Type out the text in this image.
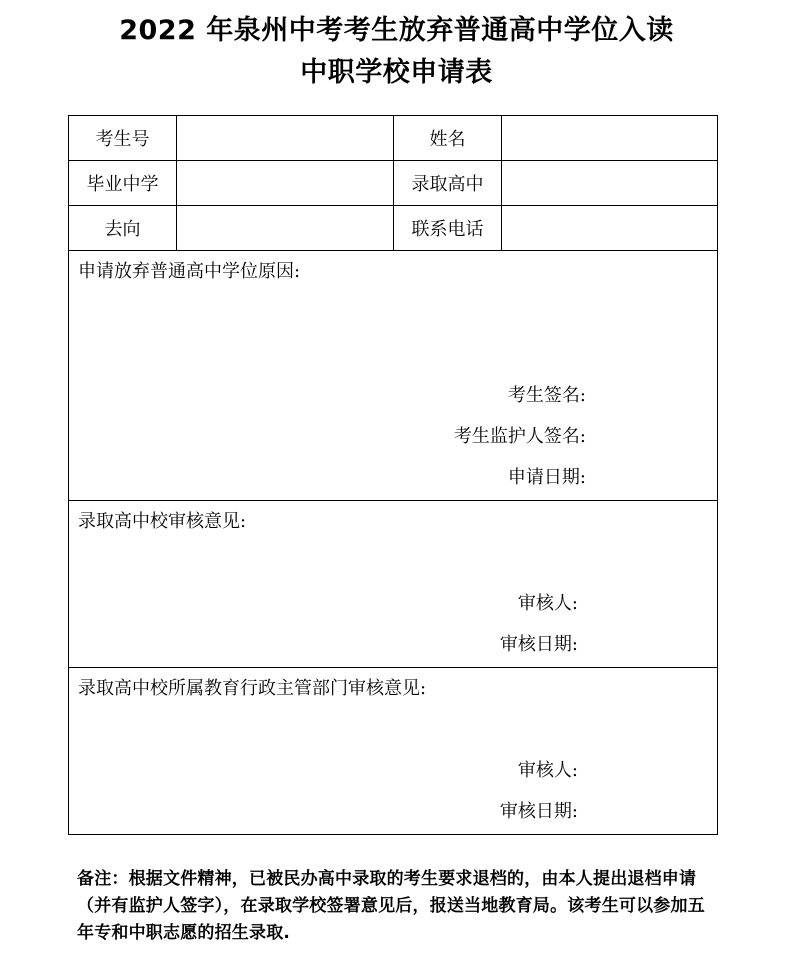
2022 年泉州中考考生放弃普通高中学位入读
中职学校申请表
考生号		姓名	
毕业中学		录取高中	
去向		联系电话	

申请放弃普通高中学位原因:
考生签名:
考生监护人签名:
申请日期:			

录取高中校审核意见:
审核人:
审核日期:			

录取高中校所属教育行政主管部门审核意见:
审核人:
审核日期:			
备注：根据文件精神，已被民办高中录取的考生要求退档的，由本人提出退档申请（并有监护人签字），在录取学校签署意见后，报送当地教育局。该考生可以参加五年专和中职志愿的招生录取.
